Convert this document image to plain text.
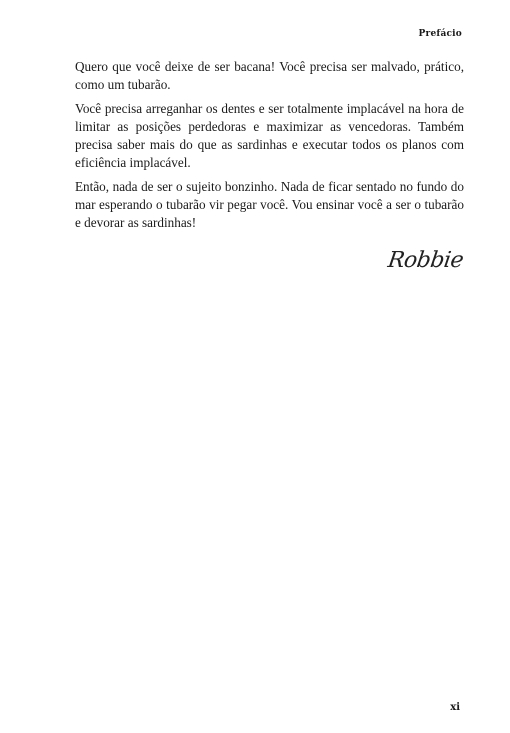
Prefácio

Quero que você deixe de ser bacana! Você precisa ser malvado, prático, como um tubarão.

Você precisa arreganhar os dentes e ser totalmente implacável na hora de limitar as posições perdedoras e maximizar as vencedoras. Também precisa saber mais do que as sardinhas e executar todos os planos com eficiência implacável.

Então, nada de ser o sujeito bonzinho. Nada de ficar sentado no fundo do mar esperando o tubarão vir pegar você. Vou ensinar você a ser o tubarão e devorar as sardinhas!

Robbie
xi
